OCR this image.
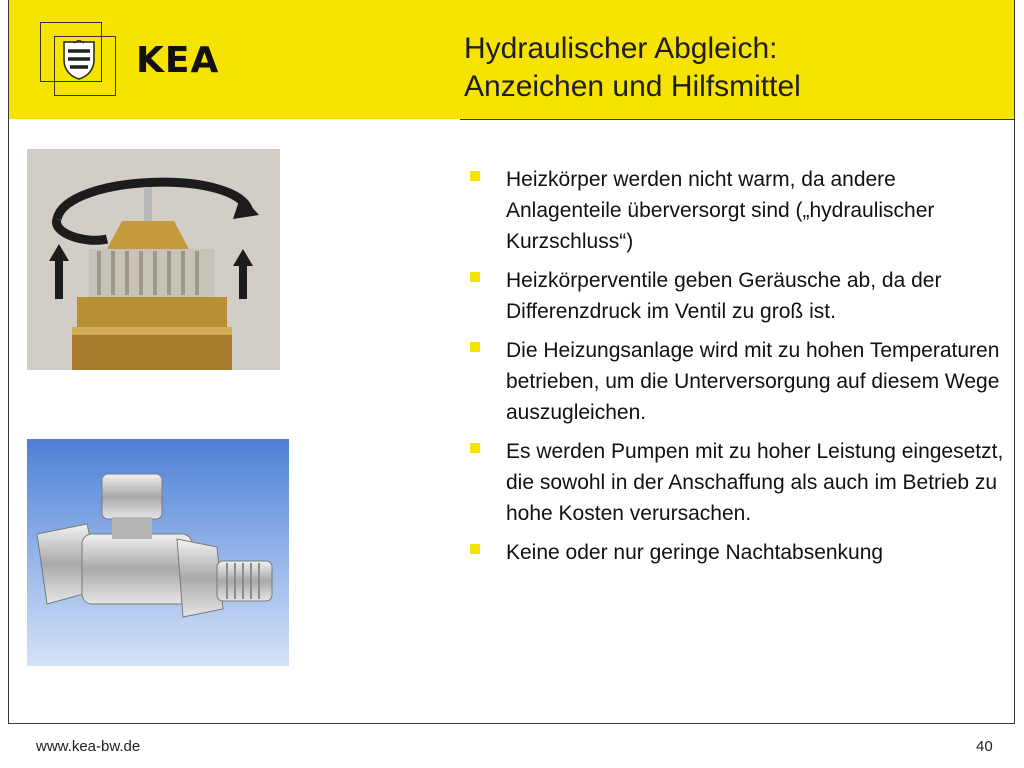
KEA	Hydraulischer Abgleich:
Anzeichen und Hilfsmittel
Heizkörper werden nicht warm, da andere Anlagenteile überversorgt sind („hydraulischer Kurzschluss“)
Heizkörperventile geben Geräusche ab, da der Differenzdruck im Ventil zu groß ist.
Die Heizungsanlage wird mit zu hohen Temperaturen betrieben, um die Unterversorgung auf diesem Wege auszugleichen.
Es werden Pumpen mit zu hoher Leistung eingesetzt, die sowohl in der Anschaffung als auch im Betrieb zu hohe Kosten verursachen.
Keine oder nur geringe Nachtabsenkung
www.kea-bw.de	40
